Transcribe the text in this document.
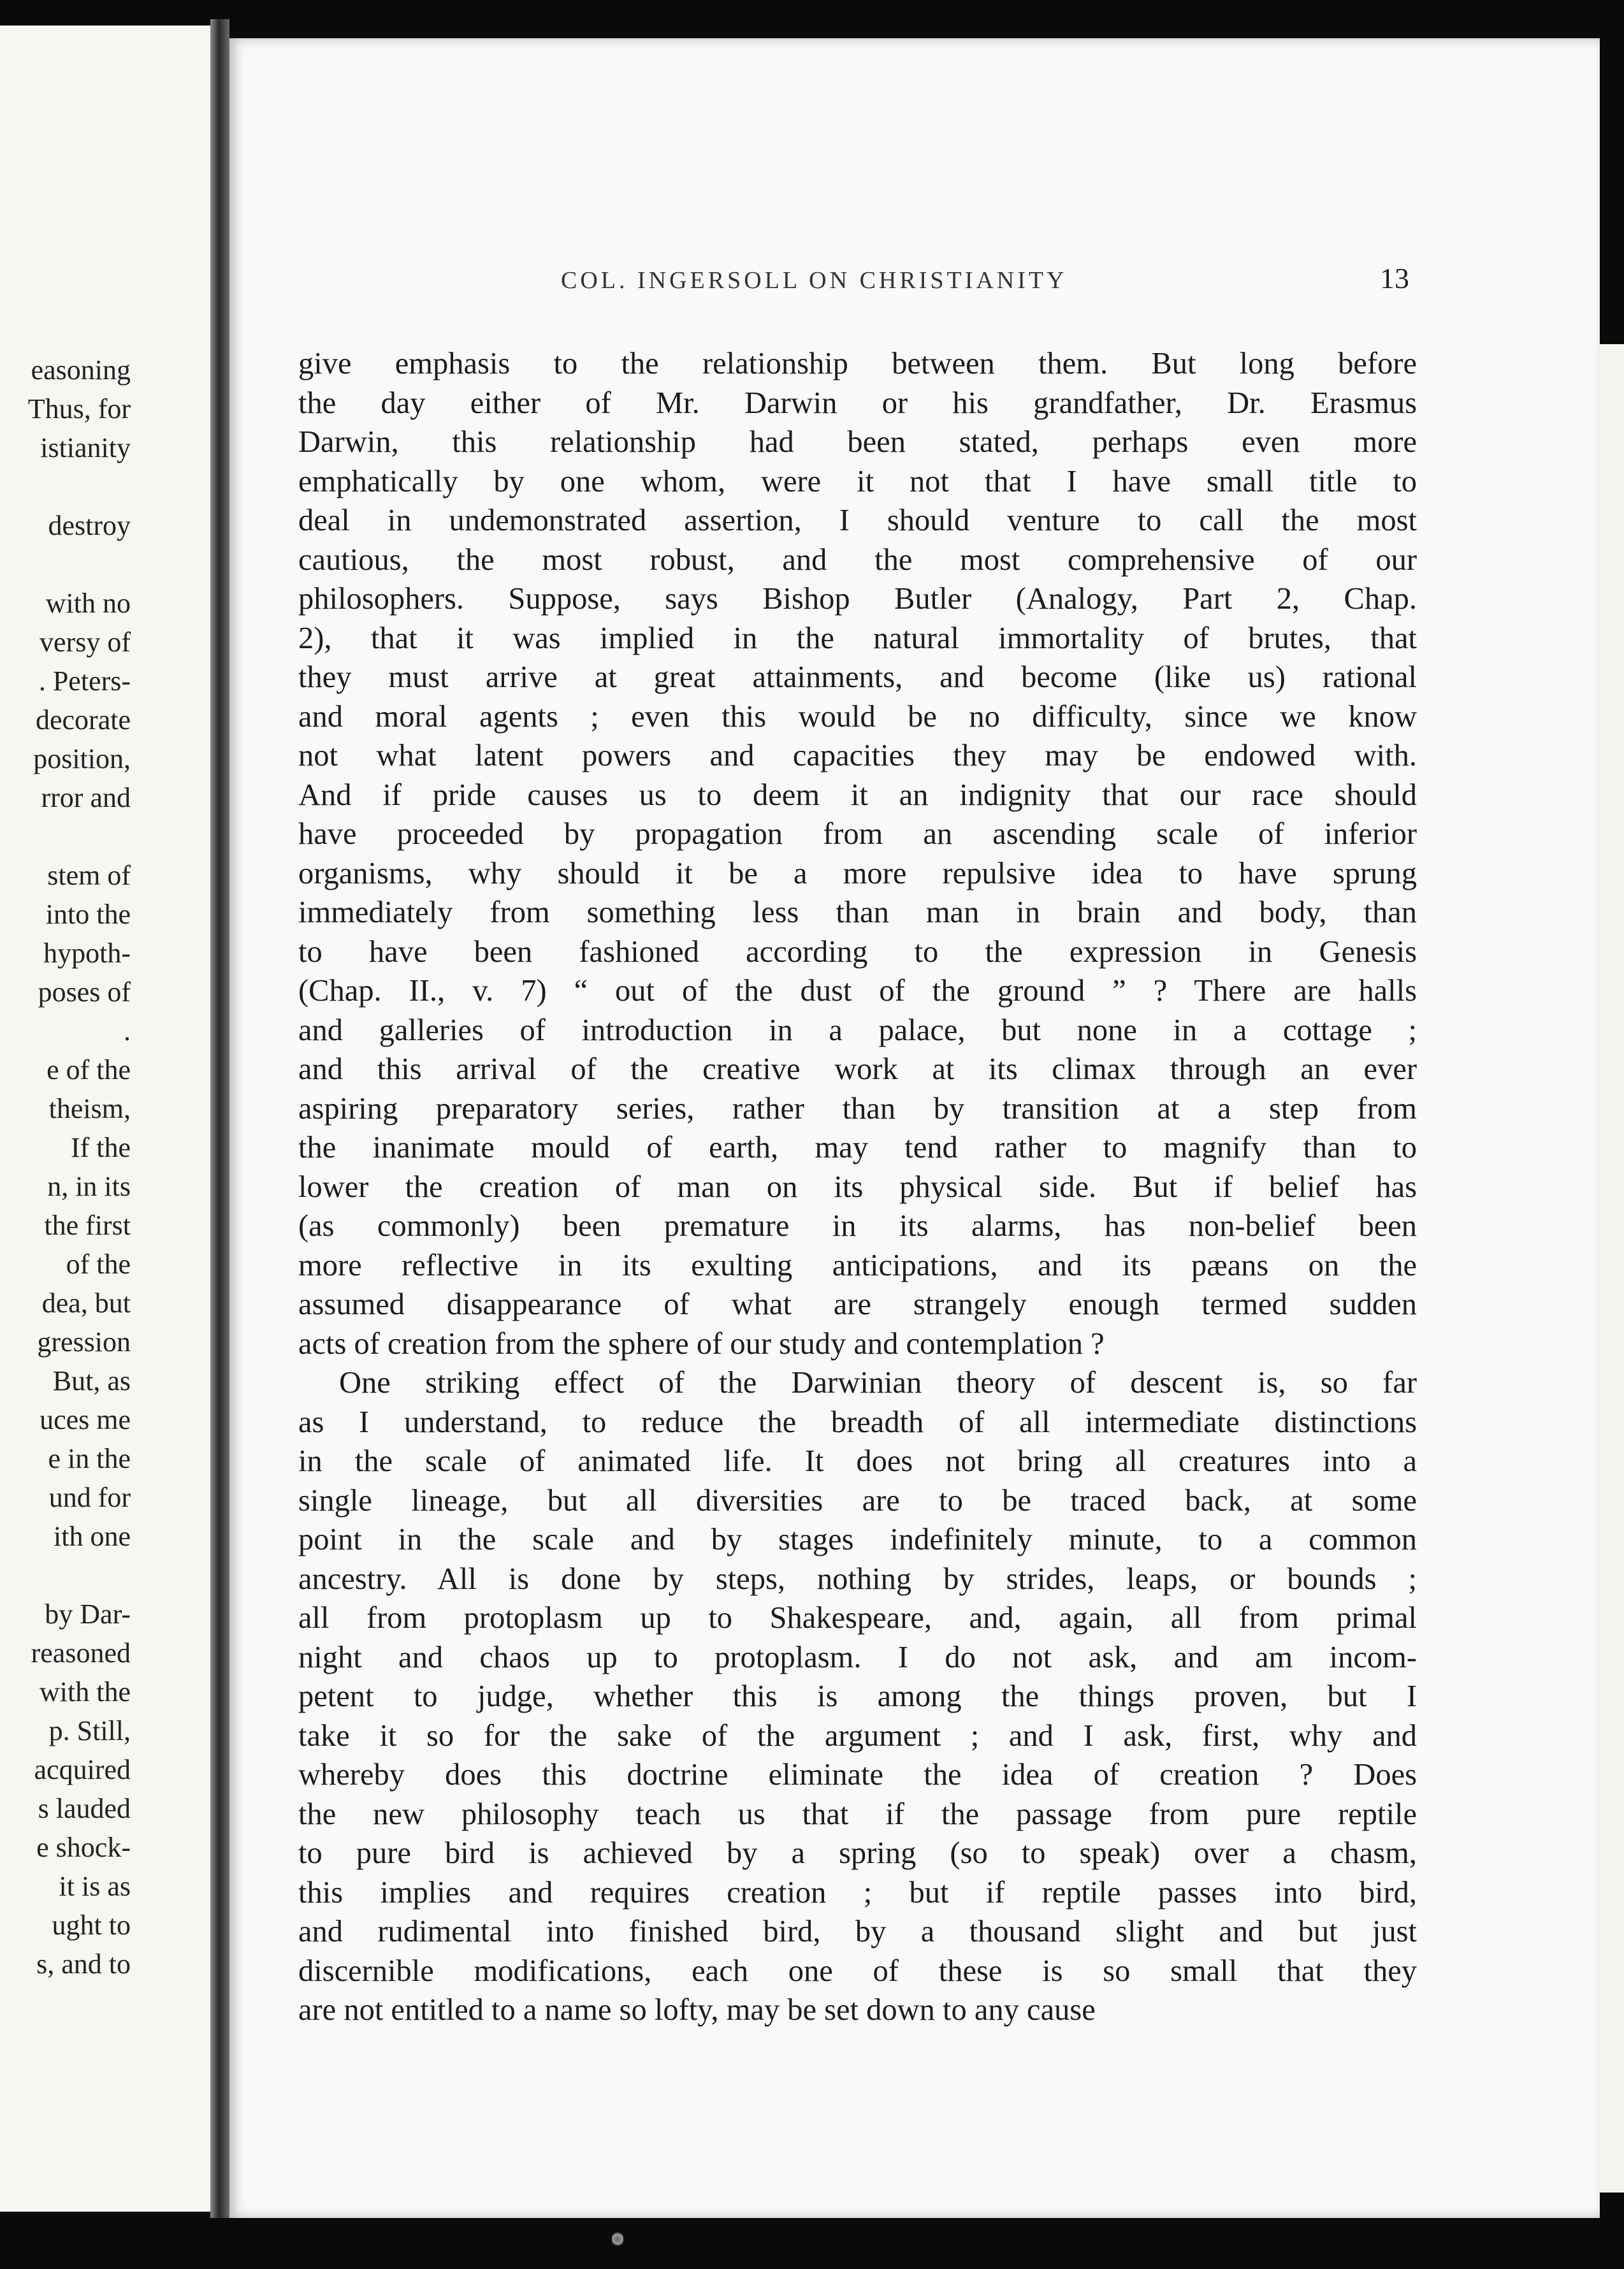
easoning
Thus, for
istianity
destroy
with no
versy of
. Peters-
decorate
position,
rror and
stem of
into the
hypoth-
poses of
.
e of the
theism,
If the
n, in its
the first
of the
dea, but
gression
But, as
uces me
e in the
und for
ith one
by Dar-
reasoned
with the
p. Still,
acquired
s lauded
e shock-
it is as
ught to
s, and to
COL. INGERSOLL ON CHRISTIANITY	13

give emphasis to the relationship between them. But long before
the day either of Mr. Darwin or his grandfather, Dr. Erasmus
Darwin, this relationship had been stated, perhaps even more
emphatically by one whom, were it not that I have small title to
deal in undemonstrated assertion, I should venture to call the most
cautious, the most robust, and the most comprehensive of our
philosophers. Suppose, says Bishop Butler (Analogy, Part 2, Chap.
2), that it was implied in the natural immortality of brutes, that
they must arrive at great attainments, and become (like us) rational
and moral agents ; even this would be no difficulty, since we know
not what latent powers and capacities they may be endowed with.
And if pride causes us to deem it an indignity that our race should
have proceeded by propagation from an ascending scale of inferior
organisms, why should it be a more repulsive idea to have sprung
immediately from something less than man in brain and body, than
to have been fashioned according to the expression in Genesis
(Chap. II., v. 7) “ out of the dust of the ground ” ? There are halls
and galleries of introduction in a palace, but none in a cottage ;
and this arrival of the creative work at its climax through an ever
aspiring preparatory series, rather than by transition at a step from
the inanimate mould of earth, may tend rather to magnify than to
lower the creation of man on its physical side. But if belief has
(as commonly) been premature in its alarms, has non-belief been
more reflective in its exulting anticipations, and its pæans on the
assumed disappearance of what are strangely enough termed sudden
acts of creation from the sphere of our study and contemplation ?

One striking effect of the Darwinian theory of descent is, so far
as I understand, to reduce the breadth of all intermediate distinctions
in the scale of animated life. It does not bring all creatures into a
single lineage, but all diversities are to be traced back, at some
point in the scale and by stages indefinitely minute, to a common
ancestry. All is done by steps, nothing by strides, leaps, or bounds ;
all from protoplasm up to Shakespeare, and, again, all from primal
night and chaos up to protoplasm. I do not ask, and am incom-
petent to judge, whether this is among the things proven, but I
take it so for the sake of the argument ; and I ask, first, why and
whereby does this doctrine eliminate the idea of creation ? Does
the new philosophy teach us that if the passage from pure reptile
to pure bird is achieved by a spring (so to speak) over a chasm,
this implies and requires creation ; but if reptile passes into bird,
and rudimental into finished bird, by a thousand slight and but just
discernible modifications, each one of these is so small that they
are not entitled to a name so lofty, may be set down to any cause
